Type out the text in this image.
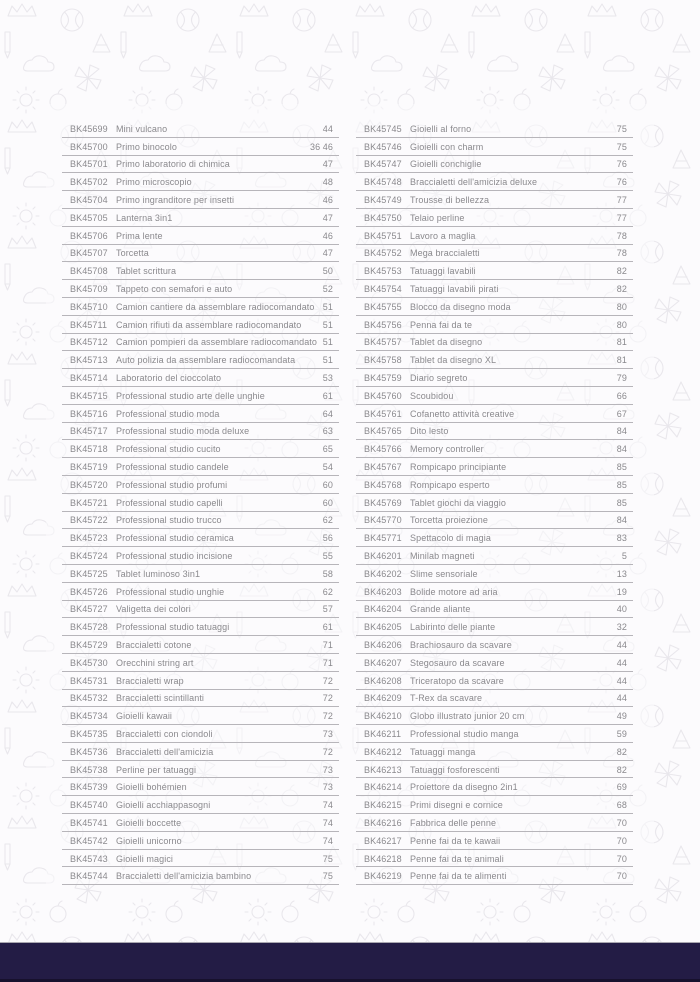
BK45699 Mini vulcano	44
BK45700 Primo binocolo	36 46
BK45701 Primo laboratorio di chimica	47
BK45702 Primo microscopio	48
BK45704 Primo ingranditore per insetti	46
BK45705 Lanterna 3in1	47
BK45706 Prima lente	46
BK45707 Torcetta	47
BK45708 Tablet scrittura	50
BK45709 Tappeto con semafori e auto	52
BK45710 Camion cantiere da assemblare radiocomandato 51
BK45711 Camion rifiuti da assemblare radiocomandato	51
BK45712 Camion pompieri da assemblare radiocomandato 51
BK45713 Auto polizia da assemblare radiocomandata	51
BK45714 Laboratorio del cioccolato	53
BK45715 Professional studio arte delle unghie	61
BK45716 Professional studio moda	64
BK45717 Professional studio moda deluxe	63
BK45718 Professional studio cucito	65
BK45719 Professional studio candele	54
BK45720 Professional studio profumi	60
BK45721 Professional studio capelli	60
BK45722 Professional studio trucco	62
BK45723 Professional studio ceramica	56
BK45724 Professional studio incisione	55
BK45725 Tablet luminoso 3in1	58
BK45726 Professional studio unghie	62
BK45727 Valigetta dei colori	57
BK45728 Professional studio tatuaggi	61
BK45729 Braccialetti cotone	71
BK45730 Orecchini string art	71
BK45731 Braccialetti wrap	72
BK45732 Braccialetti scintillanti	72
BK45734 Gioielli kawaii	72
BK45735 Braccialetti con ciondoli	73
BK45736 Braccialetti dell'amicizia	72
BK45738 Perline per tatuaggi	73
BK45739 Gioielli bohémien	73
BK45740 Gioielli acchiappasogni	74
BK45741 Gioielli boccette	74
BK45742 Gioielli unicorno	74
BK45743 Gioielli magici	75
BK45744 Braccialetti dell'amicizia bambino	75
BK45745 Gioielli al forno	75
BK45746 Gioielli con charm	75
BK45747 Gioielli conchiglie	76
BK45748 Braccialetti dell'amicizia deluxe	76
BK45749 Trousse di bellezza	77
BK45750 Telaio perline	77
BK45751 Lavoro a maglia	78
BK45752 Mega braccialetti	78
BK45753 Tatuaggi lavabili	82
BK45754 Tatuaggi lavabili pirati	82
BK45755 Blocco da disegno moda	80
BK45756 Penna fai da te	80
BK45757 Tablet da disegno	81
BK45758 Tablet da disegno XL	81
BK45759 Diario segreto	79
BK45760 Scoubidou	66
BK45761 Cofanetto attività creative	67
BK45765 Dito lesto	84
BK45766 Memory controller	84
BK45767 Rompicapo principiante	85
BK45768 Rompicapo esperto	85
BK45769 Tablet giochi da viaggio	85
BK45770 Torcetta proiezione	84
BK45771 Spettacolo di magia	83
BK46201 Minilab magneti	5
BK46202 Slime sensoriale	13
BK46203 Bolide motore ad aria	19
BK46204 Grande aliante	40
BK46205 Labirinto delle piante	32
BK46206 Brachiosauro da scavare	44
BK46207 Stegosauro da scavare	44
BK46208 Triceratopo da scavare	44
BK46209 T-Rex da scavare	44
BK46210 Globo illustrato junior 20 cm	49
BK46211 Professional studio manga	59
BK46212 Tatuaggi manga	82
BK46213 Tatuaggi fosforescenti	82
BK46214 Proiettore da disegno 2in1	69
BK46215 Primi disegni e cornice	68
BK46216 Fabbrica delle penne	70
BK46217 Penne fai da te kawaii	70
BK46218 Penne fai da te animali	70
BK46219 Penne fai da te alimenti	70
